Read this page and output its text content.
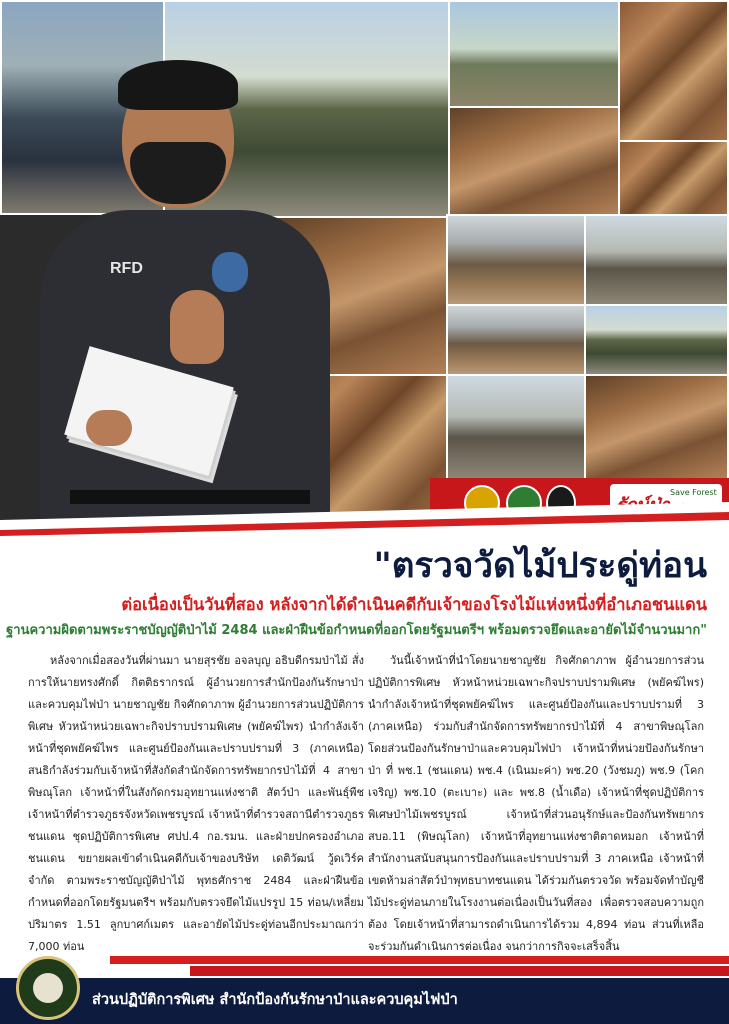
RFD
Save Forest
"ตรวจวัดไม้ประดู่ท่อน
ต่อเนื่องเป็นวันที่สอง หลังจากได้ดำเนินคดีกับเจ้าของโรงไม้แห่งหนึ่งที่อำเภอชนแดน
ฐานความผิดตามพระราชบัญญัติป่าไม้ 2484 และฝ่าฝืนข้อกำหนดที่ออกโดยรัฐมนตรีฯ พร้อมตรวจยึดและอายัดไม้จำนวนมาก"
หลังจากเมื่อสองวันที่ผ่านมา นายสุรชัย อจลบุญ อธิบดีกรมป่าไม้ สั่งการให้นายทรงศักดิ์ กิตติธรากรณ์ ผู้อำนวยการสำนักป้องกันรักษาป่าและควบคุมไฟป่า นายชาญชัย กิจศักดาภาพ ผู้อำนวยการส่วนปฏิบัติการพิเศษ หัวหน้าหน่วยเฉพาะกิจปราบปรามพิเศษ (พยัคฆ์ไพร) นำกำลังเจ้าหน้าที่ชุดพยัคฆ์ไพร และศูนย์ป้องกันและปราบปรามที่ 3 (ภาคเหนือ) สนธิกำลังร่วมกับเจ้าหน้าที่สังกัดสำนักจัดการทรัพยากรป่าไม้ที่ 4 สาขาพิษณุโลก เจ้าหน้าที่ในสังกัดกรมอุทยานแห่งชาติ สัตว์ป่า และพันธุ์พืช เจ้าหน้าที่ตำรวจภูธรจังหวัดเพชรบูรณ์ เจ้าหน้าที่ตำรวจสถานีตำรวจภูธรชนแดน ชุดปฏิบัติการพิเศษ ศปป.4 กอ.รมน. และฝ่ายปกครองอำเภอชนแดน ขยายผลเข้าดำเนินคดีกับเจ้าของบริษัท เดติวัฒน์ วู้ดเวิร์ค จำกัด ตามพระราชบัญญัติป่าไม้ พุทธศักราช 2484 และฝ่าฝืนข้อกำหนดที่ออกโดยรัฐมนตรีฯ พร้อมกับตรวจยึดไม้แปรรูป 15 ท่อน/เหลี่ยม ปริมาตร 1.51 ลูกบาศก์เมตร และอายัดไม้ประดู่ท่อนอีกประมาณกว่า 7,000 ท่อน
วันนี้เจ้าหน้าที่นำโดยนายชาญชัย กิจศักดาภาพ ผู้อำนวยการส่วนปฏิบัติการพิเศษ หัวหน้าหน่วยเฉพาะกิจปราบปรามพิเศษ (พยัคฆ์ไพร) นำกำลังเจ้าหน้าที่ชุดพยัคฆ์ไพร และศูนย์ป้องกันและปราบปรามที่ 3 (ภาคเหนือ) ร่วมกับสำนักจัดการทรัพยากรป่าไม้ที่ 4 สาขาพิษณุโลก โดยส่วนป้องกันรักษาป่าและควบคุมไฟป่า เจ้าหน้าที่หน่วยป้องกันรักษาป่า ที่ พช.1 (ชนแดน) พช.4 (เนินมะค่า) พช.20 (วังชมภู) พช.9 (โคกเจริญ) พช.10 (ตะเบาะ) และ พช.8 (น้ำเดือ) เจ้าหน้าที่ชุดปฏิบัติการพิเศษป่าไม้เพชรบูรณ์ เจ้าหน้าที่ส่วนอนุรักษ์และป้องกันทรัพยากร สบอ.11 (พิษณุโลก) เจ้าหน้าที่อุทยานแห่งชาติตาดหมอก เจ้าหน้าที่สำนักงานสนับสนุนการป้องกันและปราบปรามที่ 3 ภาคเหนือ เจ้าหน้าที่เขตห้ามล่าสัตว์ป่าพุทธบาทชนแดน ได้ร่วมกันตรวจวัด พร้อมจัดทำบัญชีไม้ประดู่ท่อนภายในโรงงานต่อเนื่องเป็นวันที่สอง เพื่อตรวจสอบความถูกต้อง โดยเจ้าหน้าที่สามารถดำเนินการได้รวม 4,894 ท่อน ส่วนที่เหลือจะร่วมกันดำเนินการต่อเนื่อง จนกว่าการกิจจะเสร็จสิ้น
ส่วนปฏิบัติการพิเศษ สำนักป้องกันรักษาป่าและควบคุมไฟป่า
